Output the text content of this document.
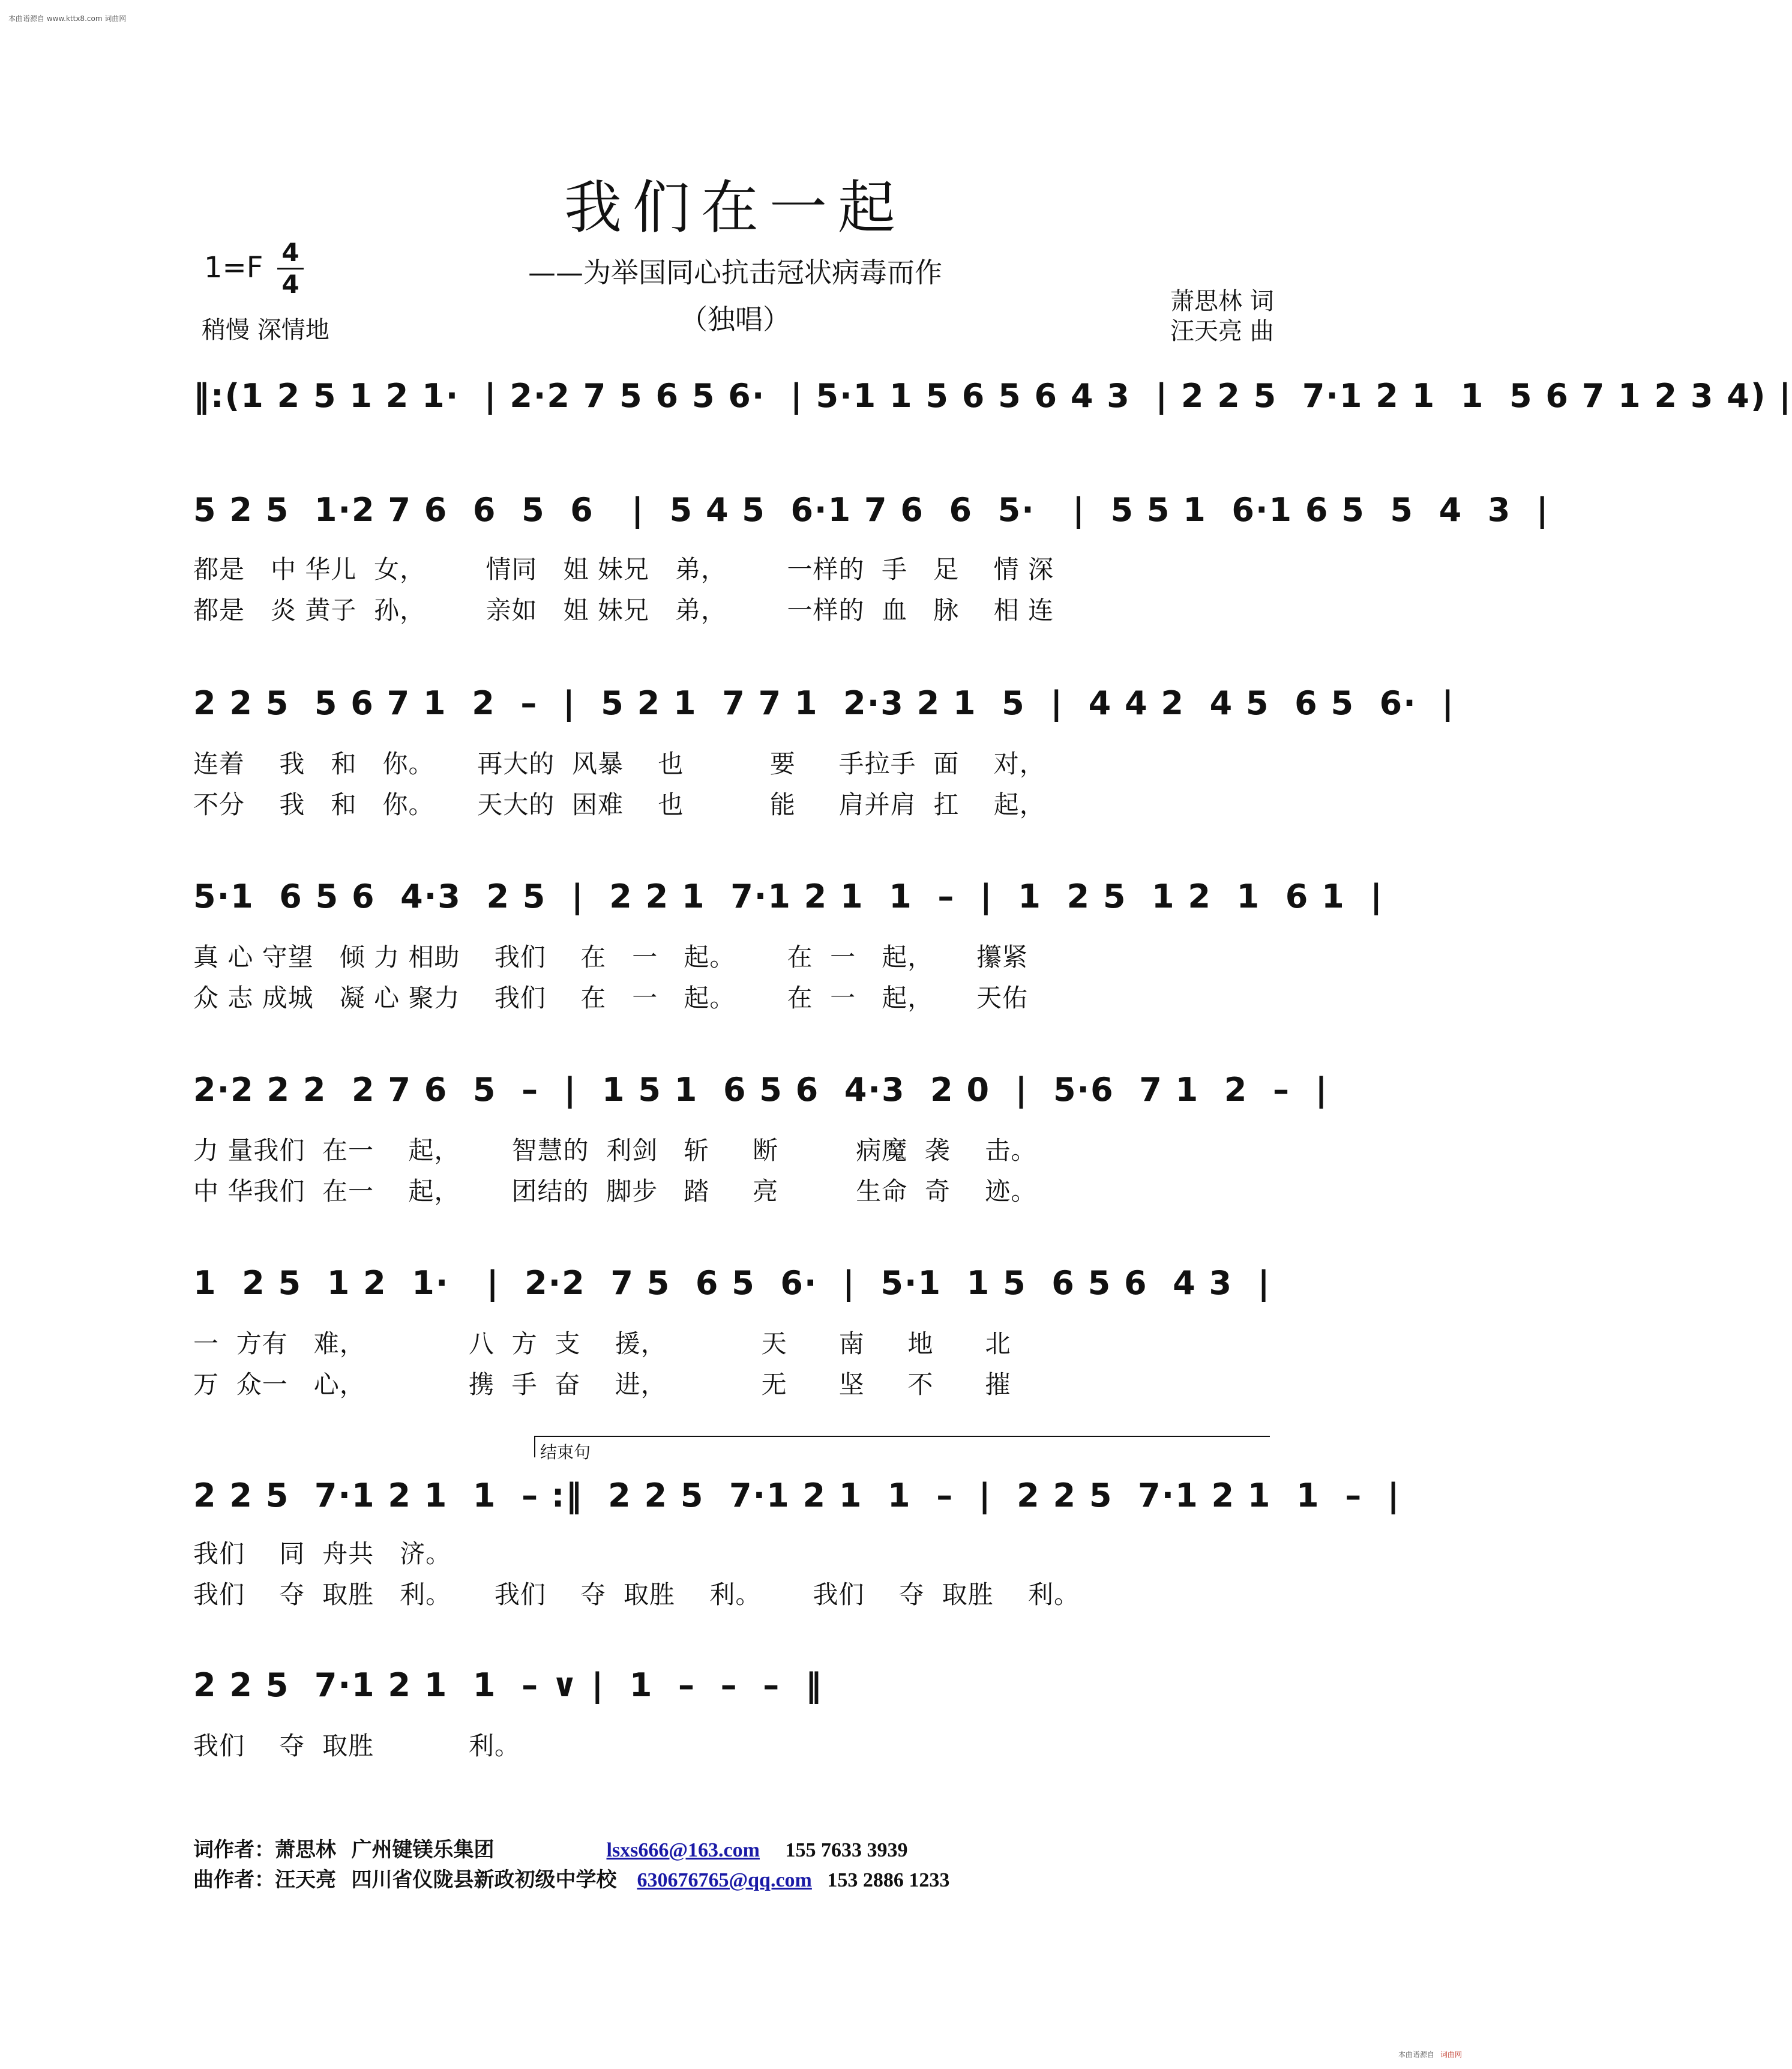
本曲谱源自 www.kttx8.com 词曲网
我们在一起
1=F 4
4	——为举国同心抗击冠状病毒而作
（独唱）
稍慢 深情地
萧思林 词
汪天亮 曲
‖:(1 2 5 1 2 1·  | 2·2 7 5 6 5 6·  | 5·1 1 5 6 5 6 4 3  | 2 2 5  7·1 2 1  1  5 6 7 1 2 3 4) |
5 2 5  1·2 7 6  6  5  6   |  5 4 5  6·1 7 6  6  5·   |  5 5 1  6·1 6 5  5  4  3  |
都是   中 华儿  女，       情同   姐 妹兄   弟，       一样的  手   足    情 深
都是   炎 黄子  孙，       亲如   姐 妹兄   弟，       一样的  血   脉    相 连
2 2 5  5 6 7 1  2  –  |  5 2 1  7 7 1  2·3 2 1  5  |  4 4 2  4 5  6 5  6·  |
连着    我   和   你。     再大的  风暴    也          要     手拉手  面    对，
不分    我   和   你。     天大的  困难    也          能     肩并肩  扛    起，
5·1  6 5 6  4·3  2 5  |  2 2 1  7·1 2 1  1  –  |  1  2 5  1 2  1  6 1  |
真 心 守望   倾 力 相助    我们    在   一   起。      在  一   起，     攥紧
众 志 成城   凝 心 聚力    我们    在   一   起。      在  一   起，     天佑
2·2 2 2  2 7 6  5  –  |  1 5 1  6 5 6  4·3  2 0  |  5·6  7 1  2  –  |
力 量我们  在一    起，      智慧的  利剑   斩     断         病魔  袭    击。
中 华我们  在一    起，      团结的  脚步   踏     亮         生命  奇    迹。
1  2 5  1 2  1·   |  2·2  7 5  6 5  6·  |  5·1  1 5  6 5 6  4 3  |
一  方有   难，            八  方  支    援，           天      南     地      北
万  众一   心，            携  手  奋    进，           无      坚     不      摧
结束句
2 2 5  7·1 2 1  1  – :‖  2 2 5  7·1 2 1  1  –  |  2 2 5  7·1 2 1  1  –  |
我们    同  舟共   济。
我们    夺  取胜   利。     我们    夺  取胜    利。      我们    夺  取胜    利。
2 2 5  7·1 2 1  1  – ∨ |  1  –  –  –  ‖
我们    夺  取胜           利。
词作者：萧思林 广州键镁乐集团	lsxs666@163.com 155 7633 3939
曲作者：汪天亮 四川省仪陇县新政初级中学校 630676765@qq.com 153 2886 1233
本曲谱源自 词曲网
